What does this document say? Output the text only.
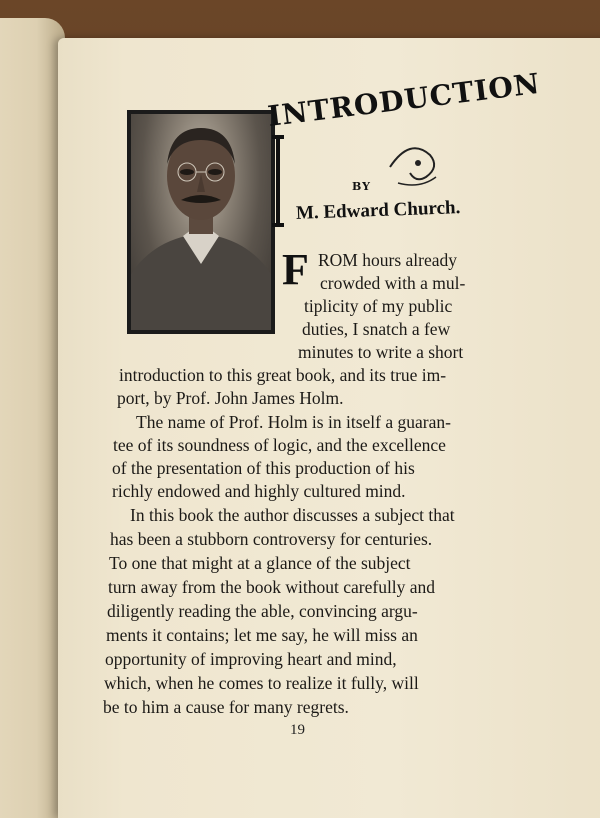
INTRODUCTION
BY
M. Edward Church.
F ROM hours already
crowded with a mul-
tiplicity of my public
duties, I snatch a few
minutes to write a short
introduction to this great book, and its true im-
port, by Prof. John James Holm.
The name of Prof. Holm is in itself a guaran-
tee of its soundness of logic, and the excellence
of the presentation of this production of his
richly endowed and highly cultured mind.
In this book the author discusses a subject that
has been a stubborn controversy for centuries.
To one that might at a glance of the subject
turn away from the book without carefully and
diligently reading the able, convincing argu-
ments it contains; let me say, he will miss an
opportunity of improving heart and mind,
which, when he comes to realize it fully, will
be to him a cause for many regrets.
19
